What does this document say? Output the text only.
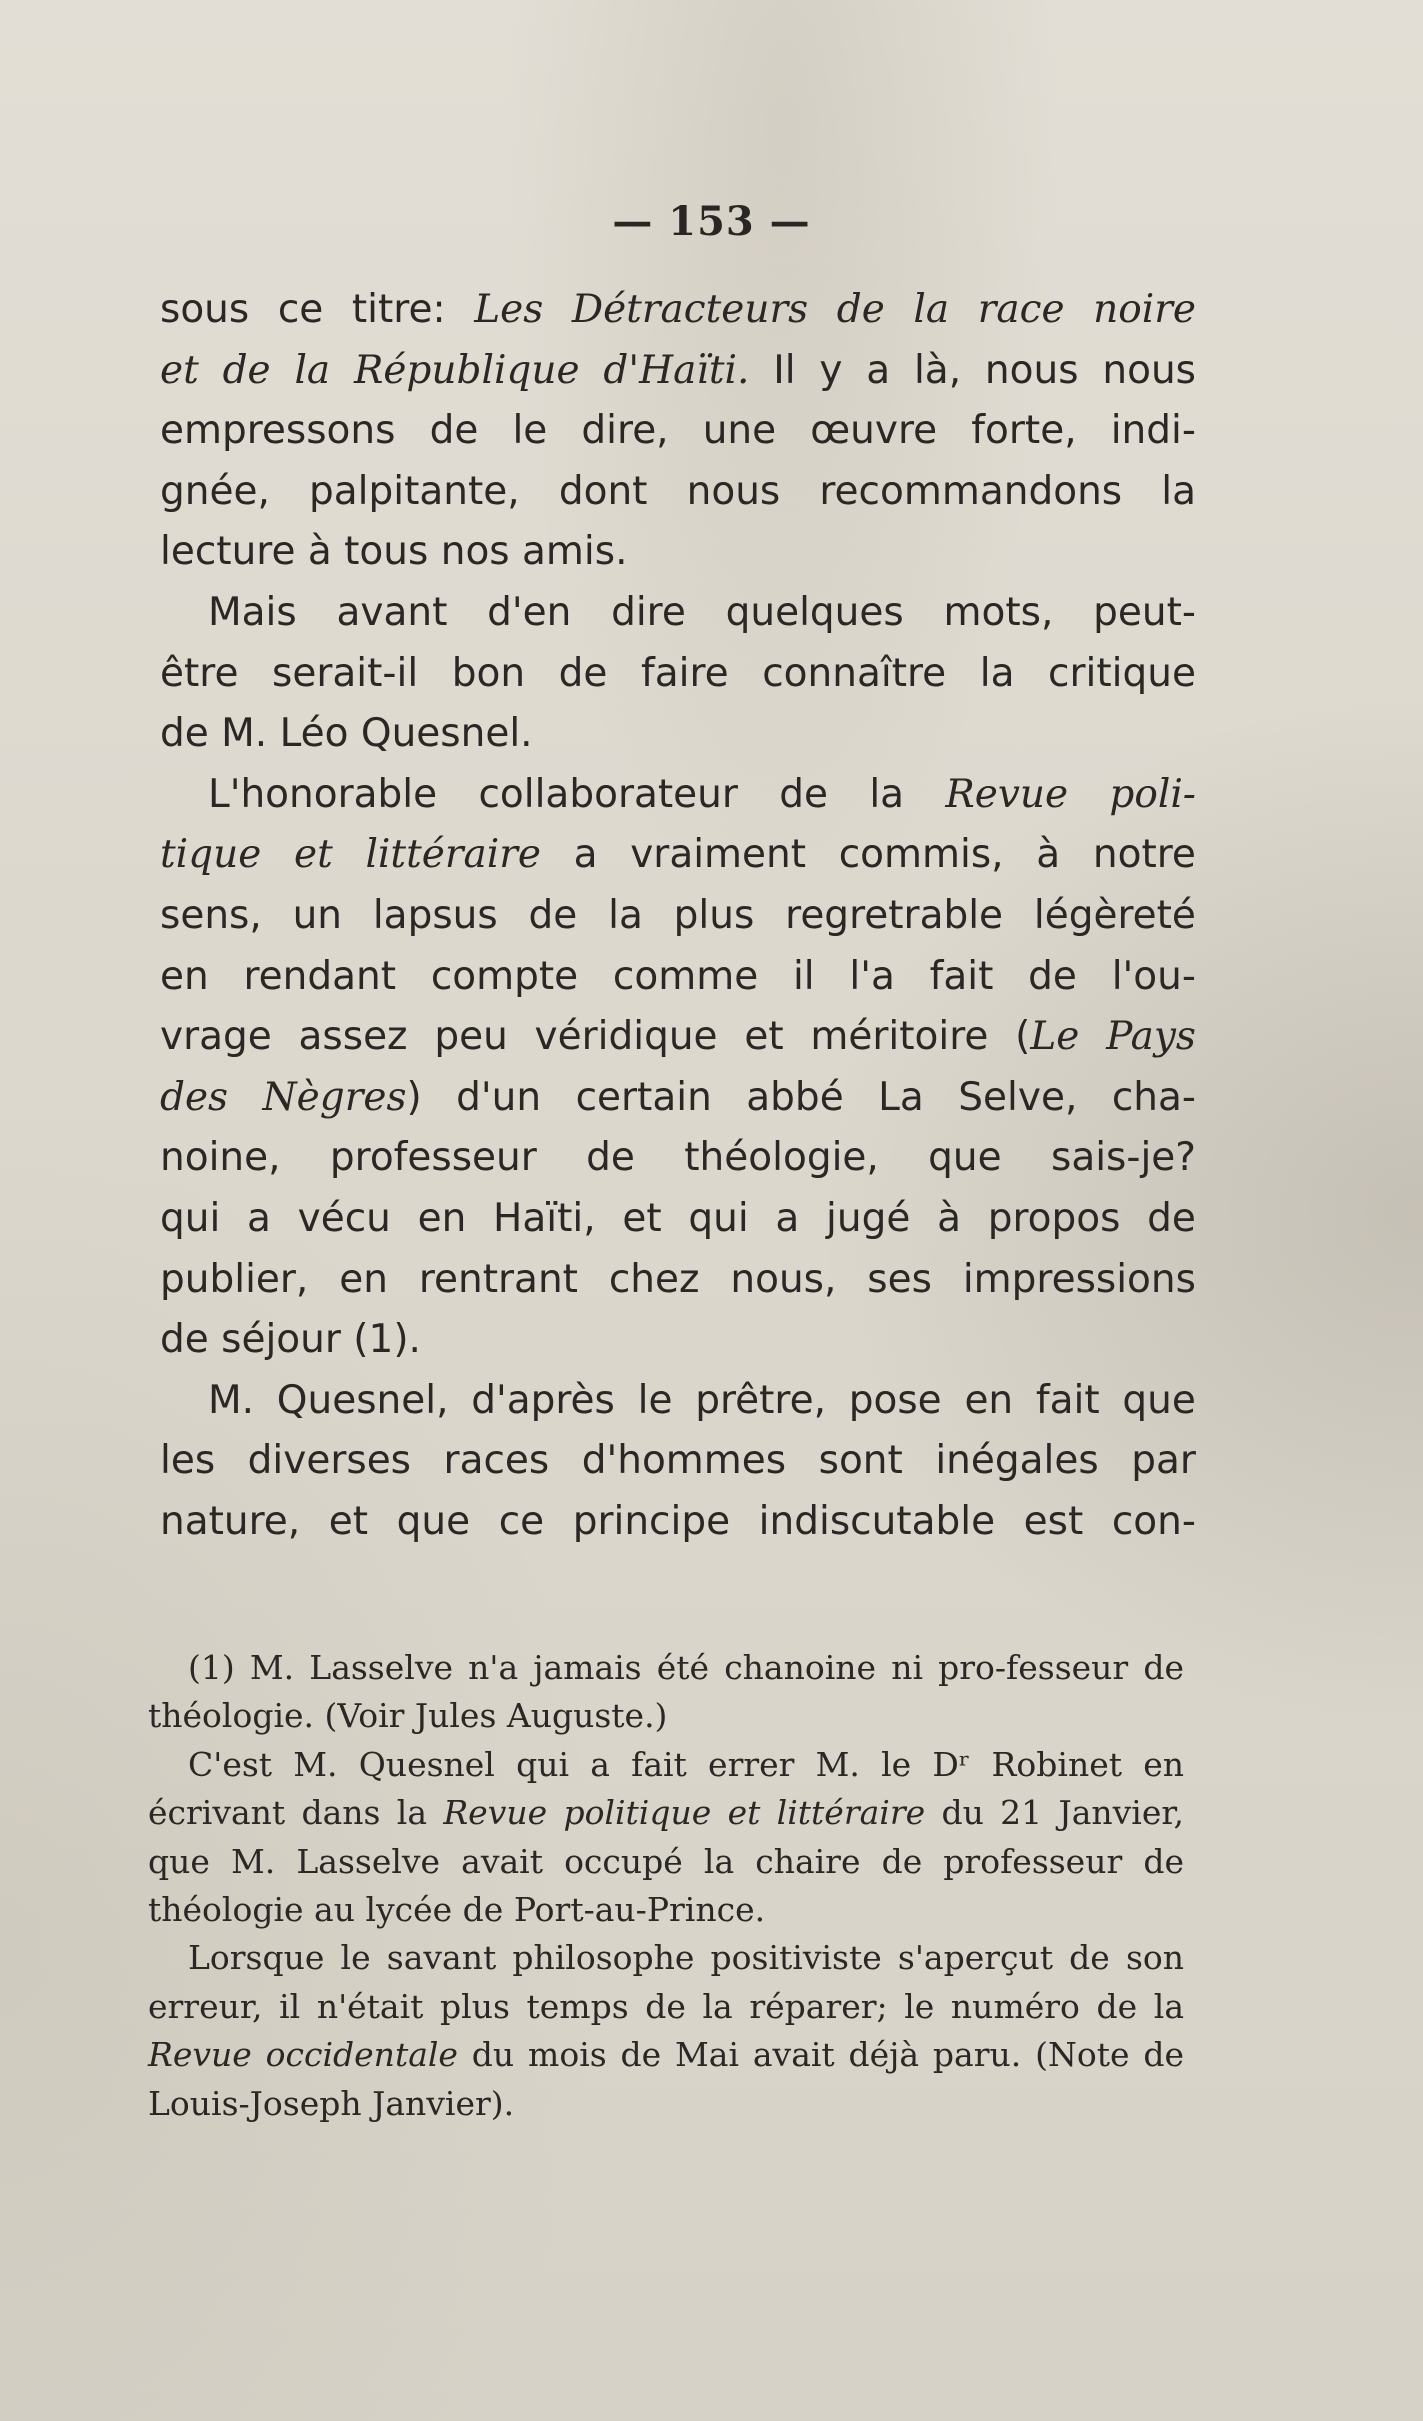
— 153 —
sous ce titre: Les Détracteurs de la race noire
et de la République d'Haïti. Il y a là, nous nous
empressons de le dire, une œuvre forte, indi-
gnée, palpitante, dont nous recommandons la
lecture à tous nos amis.
Mais avant d'en dire quelques mots, peut-
être serait-il bon de faire connaître la critique
de M. Léo Quesnel.
L'honorable collaborateur de la Revue poli-
tique et littéraire a vraiment commis, à notre
sens, un lapsus de la plus regretrable légèreté
en rendant compte comme il l'a fait de l'ou-
vrage assez peu véridique et méritoire (Le Pays
des Nègres) d'un certain abbé La Selve, cha-
noine, professeur de théologie, que sais-je?
qui a vécu en Haïti, et qui a jugé à propos de
publier, en rentrant chez nous, ses impressions
de séjour (1).
M. Quesnel, d'après le prêtre, pose en fait que
les diverses races d'hommes sont inégales par
nature, et que ce principe indiscutable est con-
(1) M. Lasselve n'a jamais été chanoine ni pro-fesseur de théologie. (Voir Jules Auguste.)
C'est M. Quesnel qui a fait errer M. le Dʳ Robinet en écrivant dans la Revue politique et littéraire du 21 Janvier, que M. Lasselve avait occupé la chaire de professeur de théologie au lycée de Port-au-Prince.
Lorsque le savant philosophe positiviste s'aperçut de son erreur, il n'était plus temps de la réparer; le numéro de la Revue occidentale du mois de Mai avait déjà paru. (Note de Louis-Joseph Janvier).
